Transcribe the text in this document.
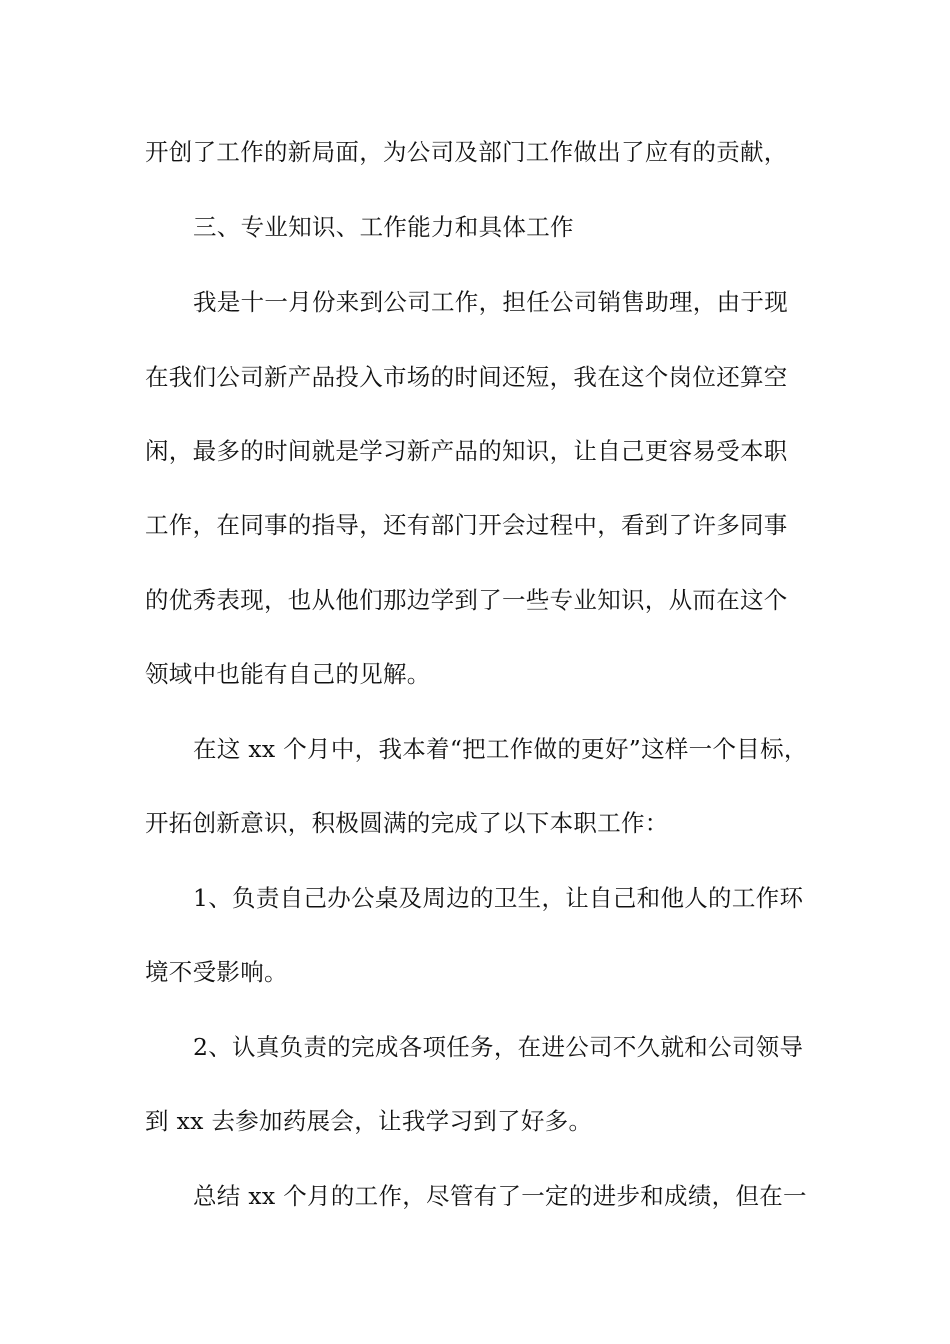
开创了工作的新局面，为公司及部门工作做出了应有的贡献，
三、专业知识、工作能力和具体工作
我是十一月份来到公司工作，担任公司销售助理，由于现
在我们公司新产品投入市场的时间还短，我在这个岗位还算空
闲，最多的时间就是学习新产品的知识，让自己更容易受本职
工作，在同事的指导，还有部门开会过程中，看到了许多同事
的优秀表现，也从他们那边学到了一些专业知识，从而在这个
领域中也能有自己的见解。
在这 xx 个月中，我本着“把工作做的更好”这样一个目标，
开拓创新意识，积极圆满的完成了以下本职工作：
1、负责自己办公桌及周边的卫生，让自己和他人的工作环
境不受影响。
2、认真负责的完成各项任务，在进公司不久就和公司领导
到 xx 去参加药展会，让我学习到了好多。
总结 xx 个月的工作，尽管有了一定的进步和成绩，但在一
